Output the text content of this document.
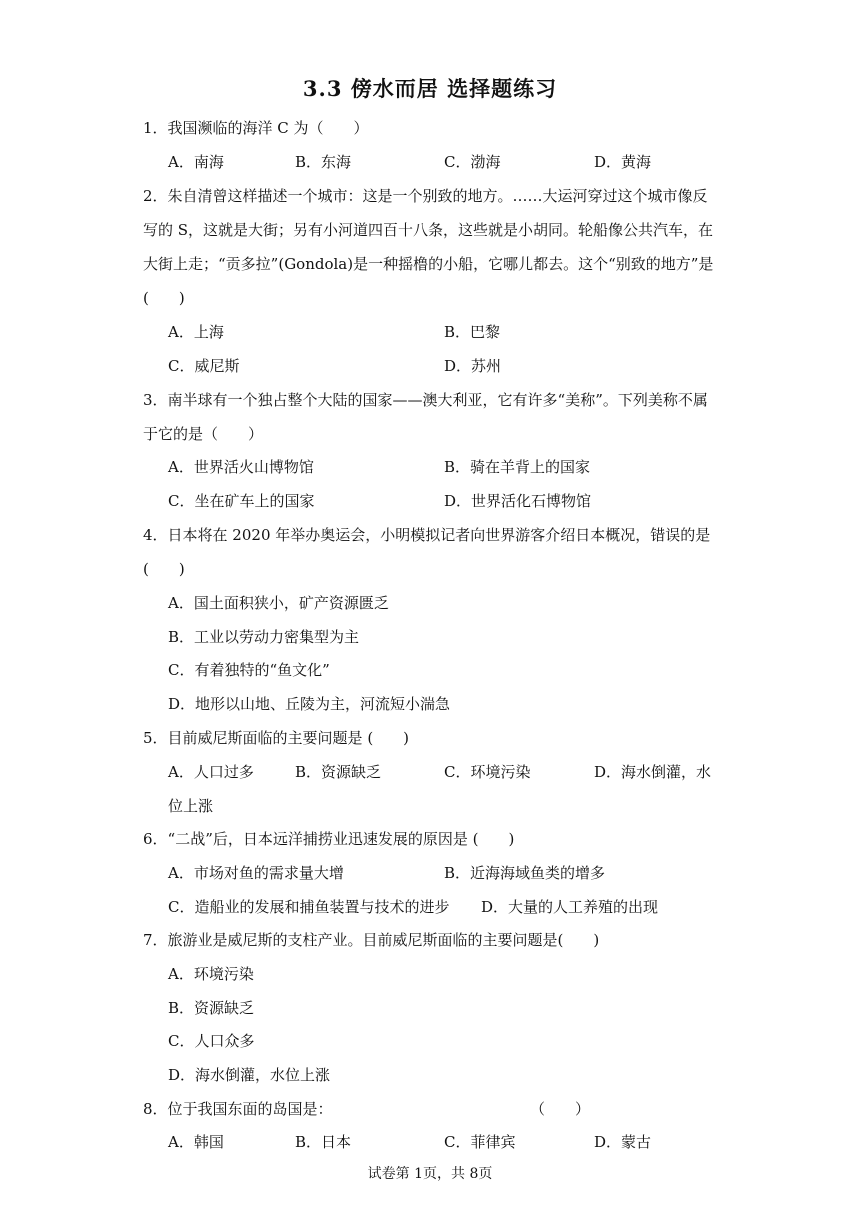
3.3 傍水而居 选择题练习
1．我国濒临的海洋 C 为（　　）
A．南海	B．东海	C．渤海	D．黄海
2．朱自清曾这样描述一个城市：这是一个别致的地方。……大运河穿过这个城市像反
写的 S，这就是大街；另有小河道四百十八条，这些就是小胡同。轮船像公共汽车，在
大街上走；“贡多拉”(Gondola)是一种摇橹的小船，它哪儿都去。这个“别致的地方”是
(　　)
A．上海	B．巴黎
C．威尼斯	D．苏州
3．南半球有一个独占整个大陆的国家——澳大利亚，它有许多“美称”。下列美称不属
于它的是（　　）
A．世界活火山博物馆	B．骑在羊背上的国家
C．坐在矿车上的国家	D．世界活化石博物馆
4．日本将在 2020 年举办奥运会，小明模拟记者向世界游客介绍日本概况，错误的是
(　　)
A．国土面积狭小，矿产资源匮乏
B．工业以劳动力密集型为主
C．有着独特的“鱼文化”
D．地形以山地、丘陵为主，河流短小湍急
5．目前威尼斯面临的主要问题是 (　　)
A．人口过多	B．资源缺乏	C．环境污染	D．海水倒灌，水
位上涨
6．“二战”后，日本远洋捕捞业迅速发展的原因是 (　　)
A．市场对鱼的需求量大增	B．近海海域鱼类的增多
C．造船业的发展和捕鱼装置与技术的进步 D．大量的人工养殖的出现
7．旅游业是威尼斯的支柱产业。目前威尼斯面临的主要问题是(　　)
A．环境污染
B．资源缺乏
C．人口众多
D．海水倒灌，水位上涨
8．位于我国东面的岛国是：	（　　）
A．韩国	B．日本	C．菲律宾	D．蒙古
试卷第 1页，共 8页
